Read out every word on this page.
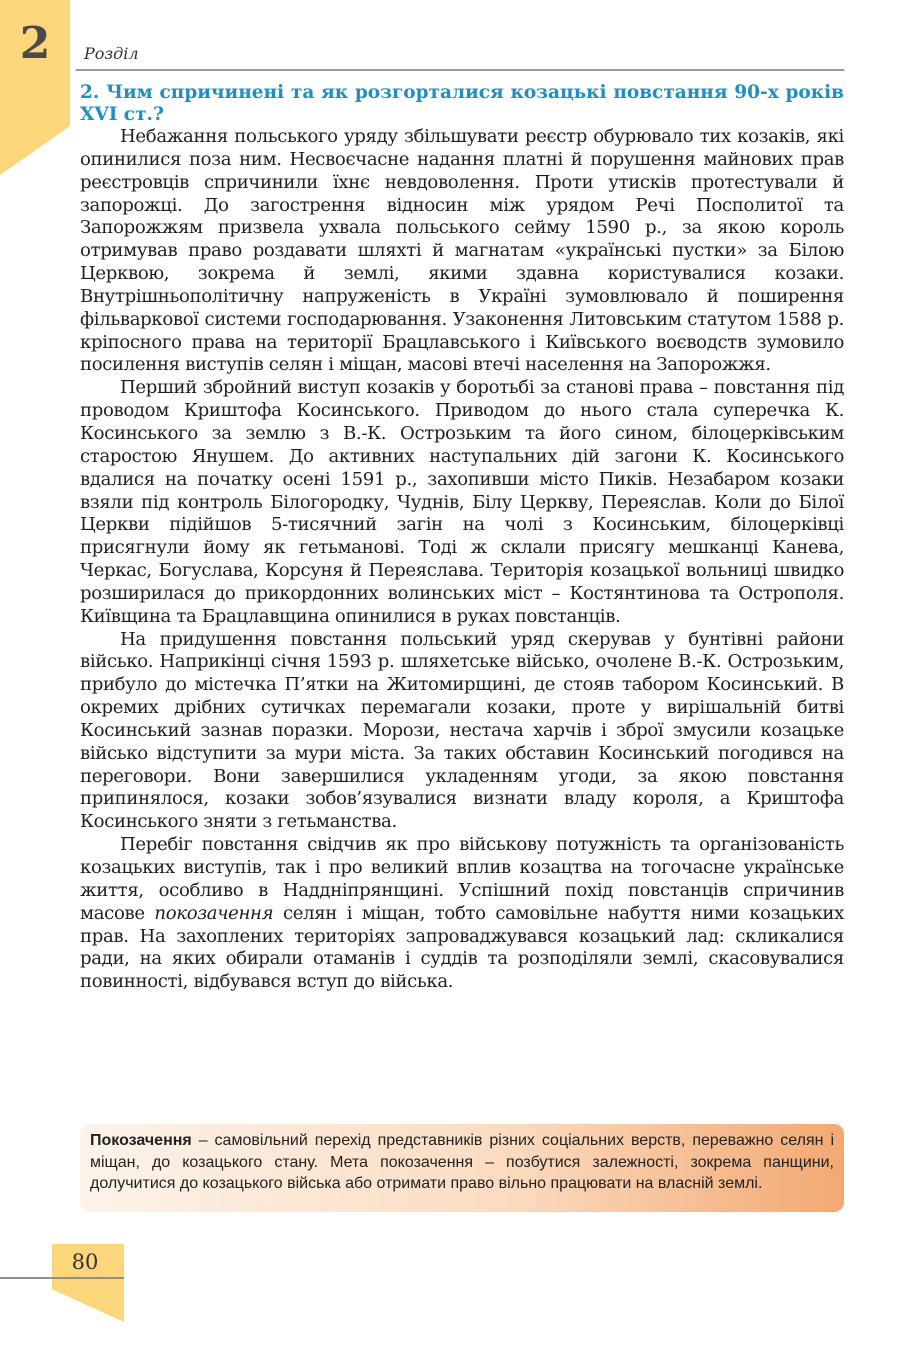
2	Розділ

2. Чим спричинені та як розгорталися козацькі повстання 90-х років XVI ст.?

Небажання польського уряду збільшувати реєстр обурювало тих козаків, які опинилися поза ним. Несвоєчасне надання платні й порушення майнових прав реєстровців спричинили їхнє невдоволення. Проти утисків протестували й запорожці. До загострення відносин між урядом Речі Посполитої та Запорожжям призвела ухвала польського сейму 1590 р., за якою король отримував право роздавати шляхті й магнатам «українські пустки» за Білою Церквою, зокрема й землі, якими здавна користувалися козаки. Внутрішньополітичну напруженість в Україні зумовлювало й поширення фільваркової системи господарювання. Узаконення Литовським статутом 1588 р. кріпосного права на території Брацлавського і Київського воєводств зумовило посилення виступів селян і міщан, масові втечі населення на Запорожжя.

Перший збройний виступ козаків у боротьбі за станові права – повстання під проводом Криштофа Косинського. Приводом до нього стала суперечка К. Косинського за землю з В.-К. Острозьким та його сином, білоцерківським старостою Янушем. До активних наступальних дій загони К. Косинського вдалися на початку осені 1591 р., захопивши місто Пиків. Незабаром козаки взяли під контроль Білогородку, Чуднів, Білу Церкву, Переяслав. Коли до Білої Церкви підійшов 5-тисячний загін на чолі з Косинським, білоцерківці присягнули йому як гетьманові. Тоді ж склали присягу мешканці Канева, Черкас, Богуслава, Корсуня й Переяслава. Територія козацької вольниці швидко розширилася до прикордонних волинських міст – Костянтинова та Острополя. Київщина та Брацлавщина опинилися в руках повстанців.

На придушення повстання польський уряд скерував у бунтівні райони військо. Наприкінці січня 1593 р. шляхетське військо, очолене В.-К. Острозьким, прибуло до містечка П’ятки на Житомирщині, де стояв табором Косинський. В окремих дрібних сутичках перемагали козаки, проте у вирішальній битві Косинський зазнав поразки. Морози, нестача харчів і зброї змусили козацьке військо відступити за мури міста. За таких обставин Косинський погодився на переговори. Вони завершилися укладенням угоди, за якою повстання припинялося, козаки зобов’язувалися визнати владу короля, а Криштофа Косинського зняти з гетьманства.

Перебіг повстання свідчив як про військову потужність та організованість козацьких виступів, так і про великий вплив козацтва на тогочасне українське життя, особливо в Наддніпрянщині. Успішний похід повстанців спричинив масове покозачення селян і міщан, тобто самовільне набуття ними козацьких прав. На захоплених територіях запроваджувався козацький лад: скликалися ради, на яких обирали отаманів і суддів та розподіляли землі, скасовувалися повинності, відбувався вступ до війська.

Покозачення – самовільний перехід представників різних соціальних верств, переважно селян і міщан, до козацького стану. Мета покозачення – позбутися залежності, зокрема панщини, долучитися до козацького війська або отримати право вільно працювати на власній землі.
80
